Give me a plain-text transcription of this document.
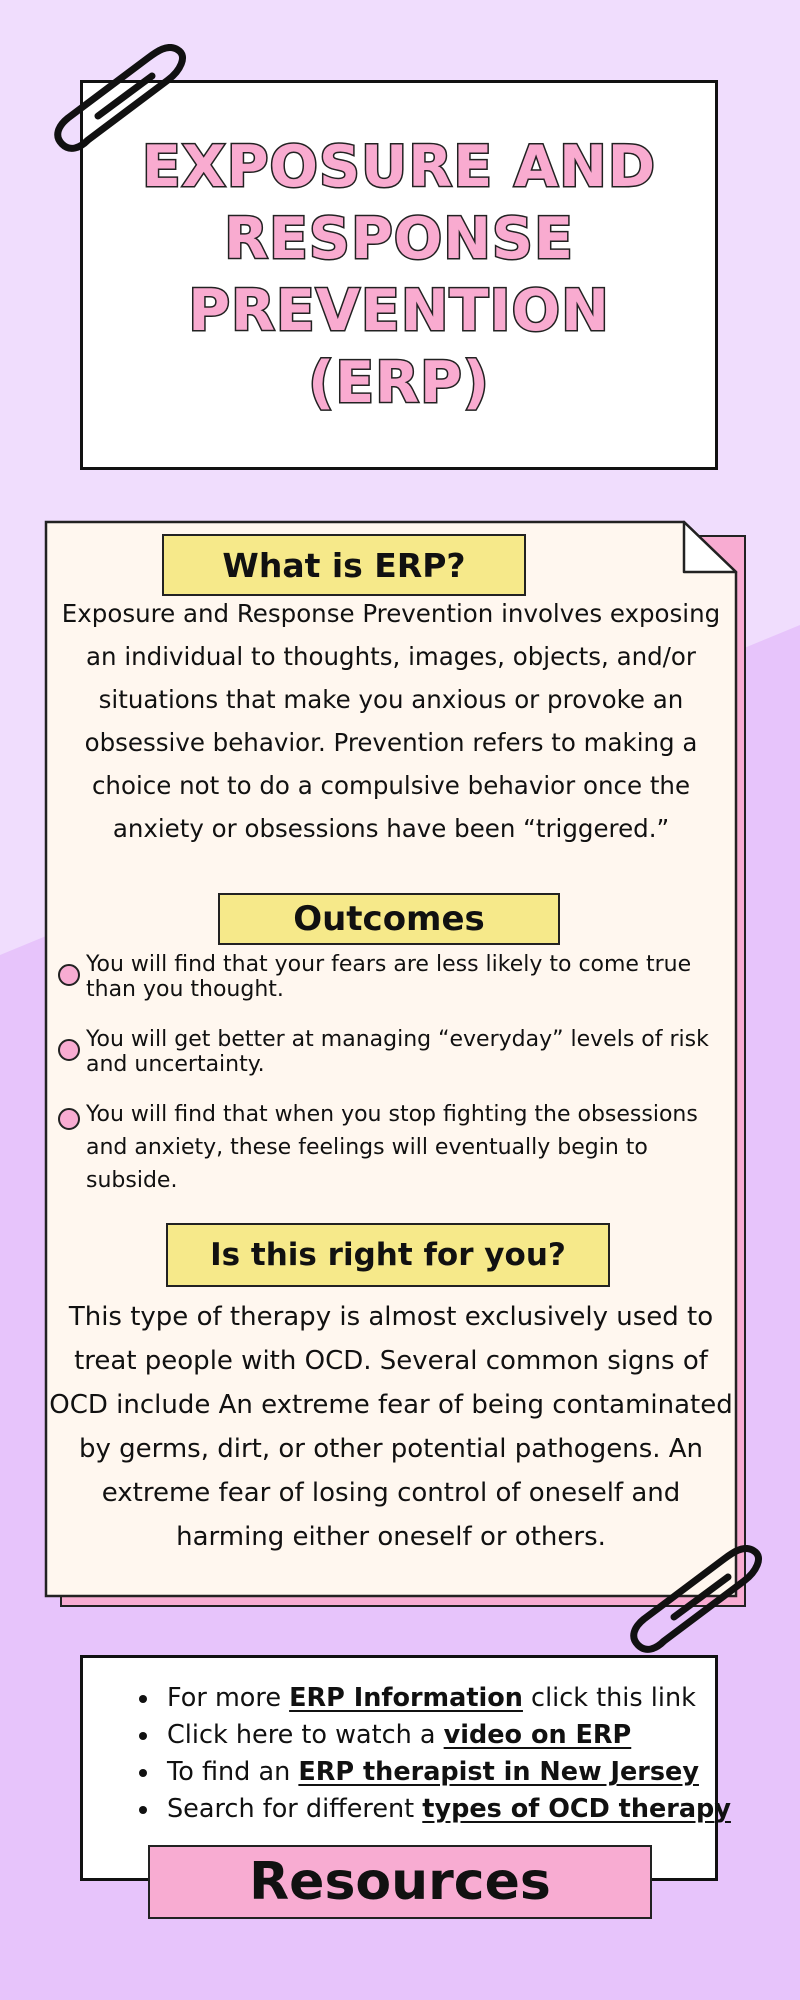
EXPOSURE AND RESPONSE PREVENTION (ERP)
What is ERP?

Exposure and Response Prevention involves exposing an individual to thoughts, images, objects, and/or situations that make you anxious or provoke an obsessive behavior. Prevention refers to making a choice not to do a compulsive behavior once the anxiety or obsessions have been “triggered.”

Outcomes
You will find that your fears are less likely to come true than you thought.
You will get better at managing “everyday” levels of risk and uncertainty.
You will find that when you stop fighting the obsessions and anxiety, these feelings will eventually begin to subside.
Is this right for you?

This type of therapy is almost exclusively used to treat people with OCD. Several common signs of OCD include An extreme fear of being contaminated by germs, dirt, or other potential pathogens. An extreme fear of losing control of oneself and harming either oneself or others.

For more ERP Information click this link
Click here to watch a video on ERP
To find an ERP therapist in New Jersey
Search for different types of OCD therapy
Resources
